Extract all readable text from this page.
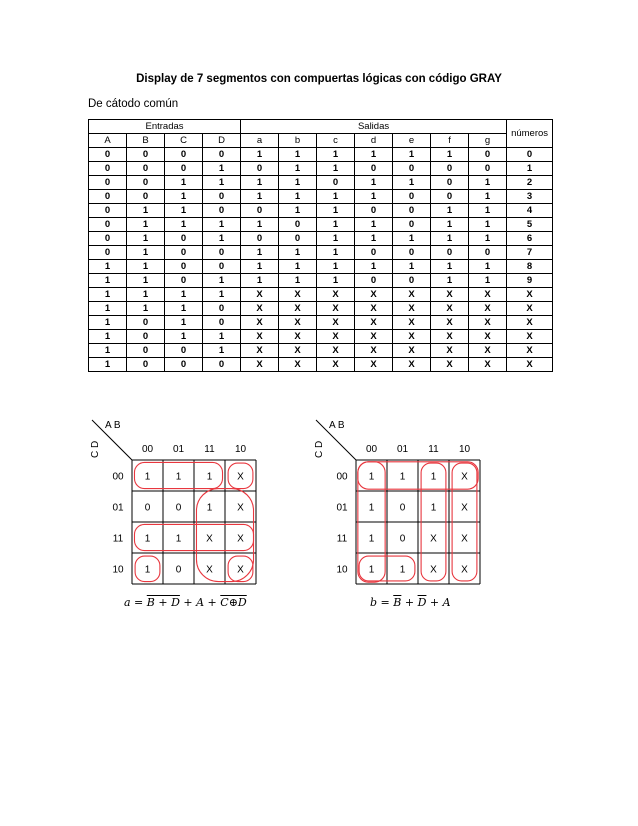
Display de 7 segmentos con compuertas lógicas con código GRAY
De cátodo común
Entradas				Salidas							números
A	B	C	D	a	b	c	d	e	f	g	
0	0	0	0	1	1	1	1	1	1	0	0
0	0	0	1	0	1	1	0	0	0	0	1
0	0	1	1	1	1	0	1	1	0	1	2
0	0	1	0	1	1	1	1	0	0	1	3
0	1	1	0	0	1	1	0	0	1	1	4
0	1	1	1	1	0	1	1	0	1	1	5
0	1	0	1	0	0	1	1	1	1	1	6
0	1	0	0	1	1	1	0	0	0	0	7
1	1	0	0	1	1	1	1	1	1	1	8
1	1	0	1	1	1	1	0	0	1	1	9
1	1	1	1	X	X	X	X	X	X	X	X
1	1	1	0	X	X	X	X	X	X	X	X
1	0	1	0	X	X	X	X	X	X	X	X
1	0	1	1	X	X	X	X	X	X	X	X
1	0	0	1	X	X	X	X	X	X	X	X
1	0	0	0	X	X	X	X	X	X	X	X
A B
C D	00 01 11 10
00
01
11
10
1	1	1 X
0	0	1 X
1	1 X X
1	0 X X
A B
C D	00 01 11 10
00
01
11
10
1	1	1 X
1	0	1 X
1	0 X X
1	1 X X
a = B + D + A + C⊕D	$b = \overline{B} + \overline{D} + A$
